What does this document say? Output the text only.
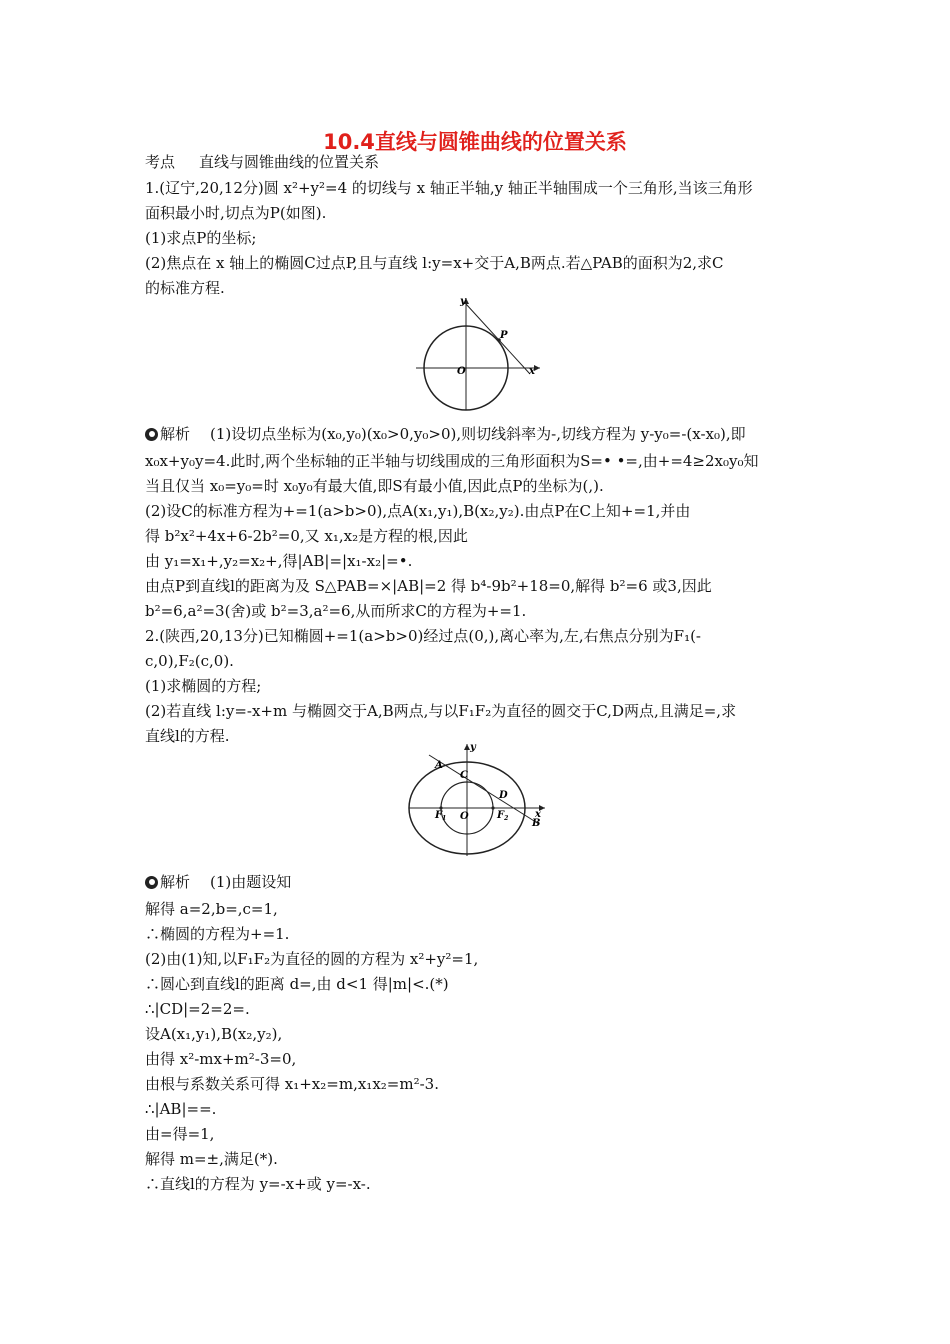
10.4直线与圆锥曲线的位置关系
考点 直线与圆锥曲线的位置关系
1.(辽宁,20,12分)圆 x²+y²=4 的切线与 x 轴正半轴,y 轴正半轴围成一个三角形,当该三角形
面积最小时,切点为P(如图).
(1)求点P的坐标;
(2)焦点在 x 轴上的椭圆C过点P,且与直线 l:y=x+交于A,B两点.若△PAB的面积为2,求C
的标准方程.
y
x
O
P
解析 (1)设切点坐标为(x₀,y₀)(x₀>0,y₀>0),则切线斜率为-,切线方程为 y-y₀=-(x-x₀),即
x₀x+y₀y=4.此时,两个坐标轴的正半轴与切线围成的三角形面积为S=• •=,由+=4≥2x₀y₀知
当且仅当 x₀=y₀=时 x₀y₀有最大值,即S有最小值,因此点P的坐标为(,).
(2)设C的标准方程为+=1(a>b>0),点A(x₁,y₁),B(x₂,y₂).由点P在C上知+=1,并由
得 b²x²+4x+6-2b²=0,又 x₁,x₂是方程的根,因此
由 y₁=x₁+,y₂=x₂+,得|AB|=|x₁-x₂|=•.
由点P到直线l的距离为及 S△PAB=×|AB|=2 得 b⁴-9b²+18=0,解得 b²=6 或3,因此
b²=6,a²=3(舍)或 b²=3,a²=6,从而所求C的方程为+=1.
2.(陕西,20,13分)已知椭圆+=1(a>b>0)经过点(0,),离心率为,左,右焦点分别为F₁(-
c,0),F₂(c,0).
(1)求椭圆的方程;
(2)若直线 l:y=-x+m 与椭圆交于A,B两点,与以F₁F₂为直径的圆交于C,D两点,且满足=,求
直线l的方程.
y
x
A
C
D
B
O
$F_1$	$F_2$
解析 (1)由题设知
解得 a=2,b=,c=1,
∴椭圆的方程为+=1.
(2)由(1)知,以F₁F₂为直径的圆的方程为 x²+y²=1,
∴圆心到直线l的距离 d=,由 d<1 得|m|<.(*)
∴|CD|=2=2=.
设A(x₁,y₁),B(x₂,y₂),
由得 x²-mx+m²-3=0,
由根与系数关系可得 x₁+x₂=m,x₁x₂=m²-3.
∴|AB|==.
由=得=1,
解得 m=±,满足(*).
∴直线l的方程为 y=-x+或 y=-x-.
